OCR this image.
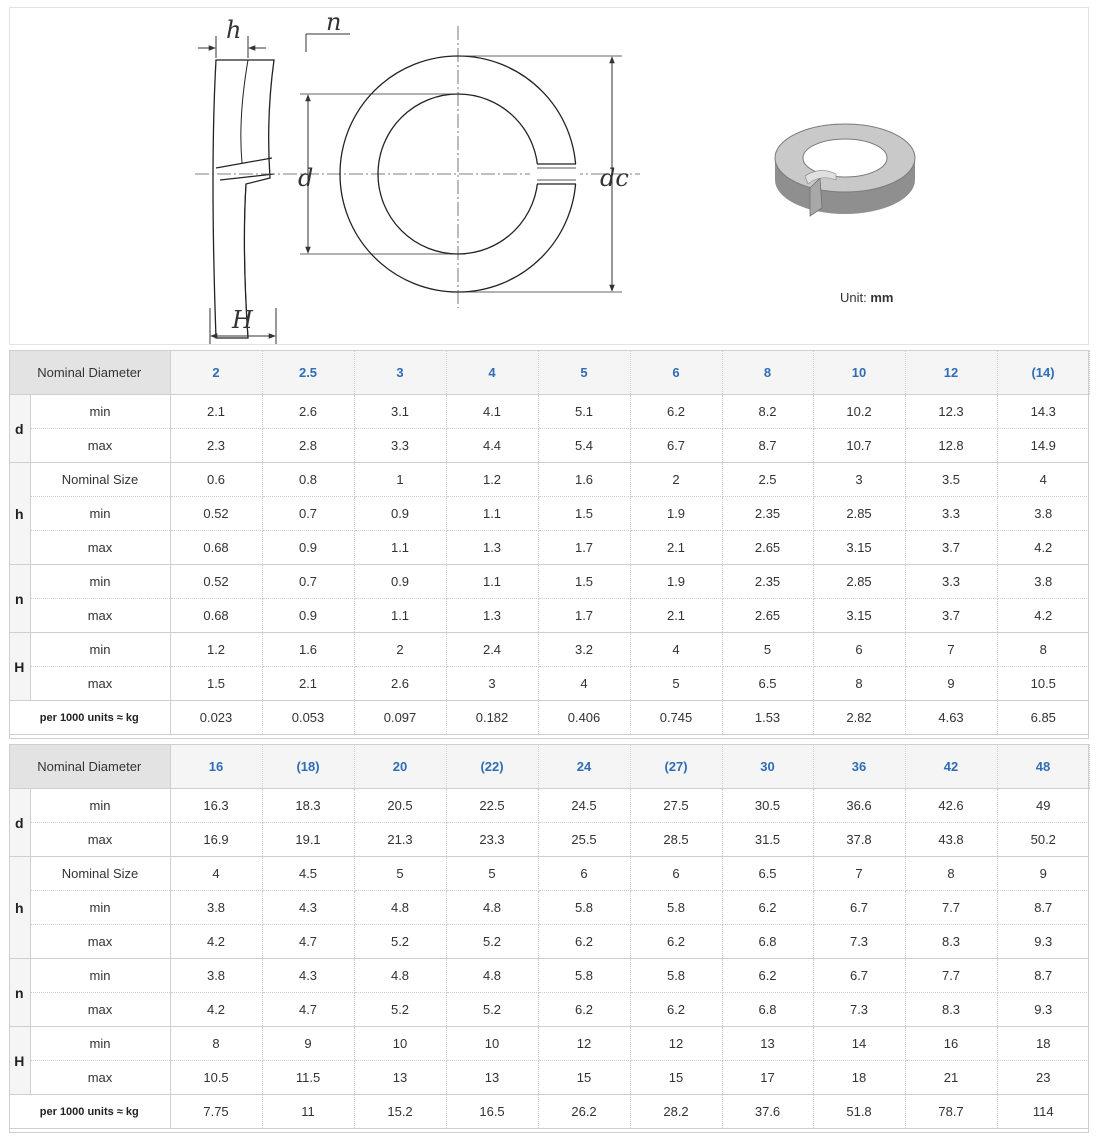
h
H
n
d	dc
Unit: mm
Nominal Diameter		2	2.5	3	4	5	6	8	10	12	(14)
d	min	2.1	2.6	3.1	4.1	5.1	6.2	8.2	10.2	12.3	14.3
	max	2.3	2.8	3.3	4.4	5.4	6.7	8.7	10.7	12.8	14.9
h	Nominal Size	0.6	0.8	1	1.2	1.6	2	2.5	3	3.5	4
	min	0.52	0.7	0.9	1.1	1.5	1.9	2.35	2.85	3.3	3.8
	max	0.68	0.9	1.1	1.3	1.7	2.1	2.65	3.15	3.7	4.2
n	min	0.52	0.7	0.9	1.1	1.5	1.9	2.35	2.85	3.3	3.8
	max	0.68	0.9	1.1	1.3	1.7	2.1	2.65	3.15	3.7	4.2
H	min	1.2	1.6	2	2.4	3.2	4	5	6	7	8
	max	1.5	2.1	2.6	3	4	5	6.5	8	9	10.5
per 1000 units ≈ kg		0.023	0.053	0.097	0.182	0.406	0.745	1.53	2.82	4.63	6.85
Nominal Diameter		16	(18)	20	(22)	24	(27)	30	36	42	48
d	min	16.3	18.3	20.5	22.5	24.5	27.5	30.5	36.6	42.6	49
	max	16.9	19.1	21.3	23.3	25.5	28.5	31.5	37.8	43.8	50.2
h	Nominal Size	4	4.5	5	5	6	6	6.5	7	8	9
	min	3.8	4.3	4.8	4.8	5.8	5.8	6.2	6.7	7.7	8.7
	max	4.2	4.7	5.2	5.2	6.2	6.2	6.8	7.3	8.3	9.3
n	min	3.8	4.3	4.8	4.8	5.8	5.8	6.2	6.7	7.7	8.7
	max	4.2	4.7	5.2	5.2	6.2	6.2	6.8	7.3	8.3	9.3
H	min	8	9	10	10	12	12	13	14	16	18
	max	10.5	11.5	13	13	15	15	17	18	21	23
per 1000 units ≈ kg		7.75	11	15.2	16.5	26.2	28.2	37.6	51.8	78.7	114
